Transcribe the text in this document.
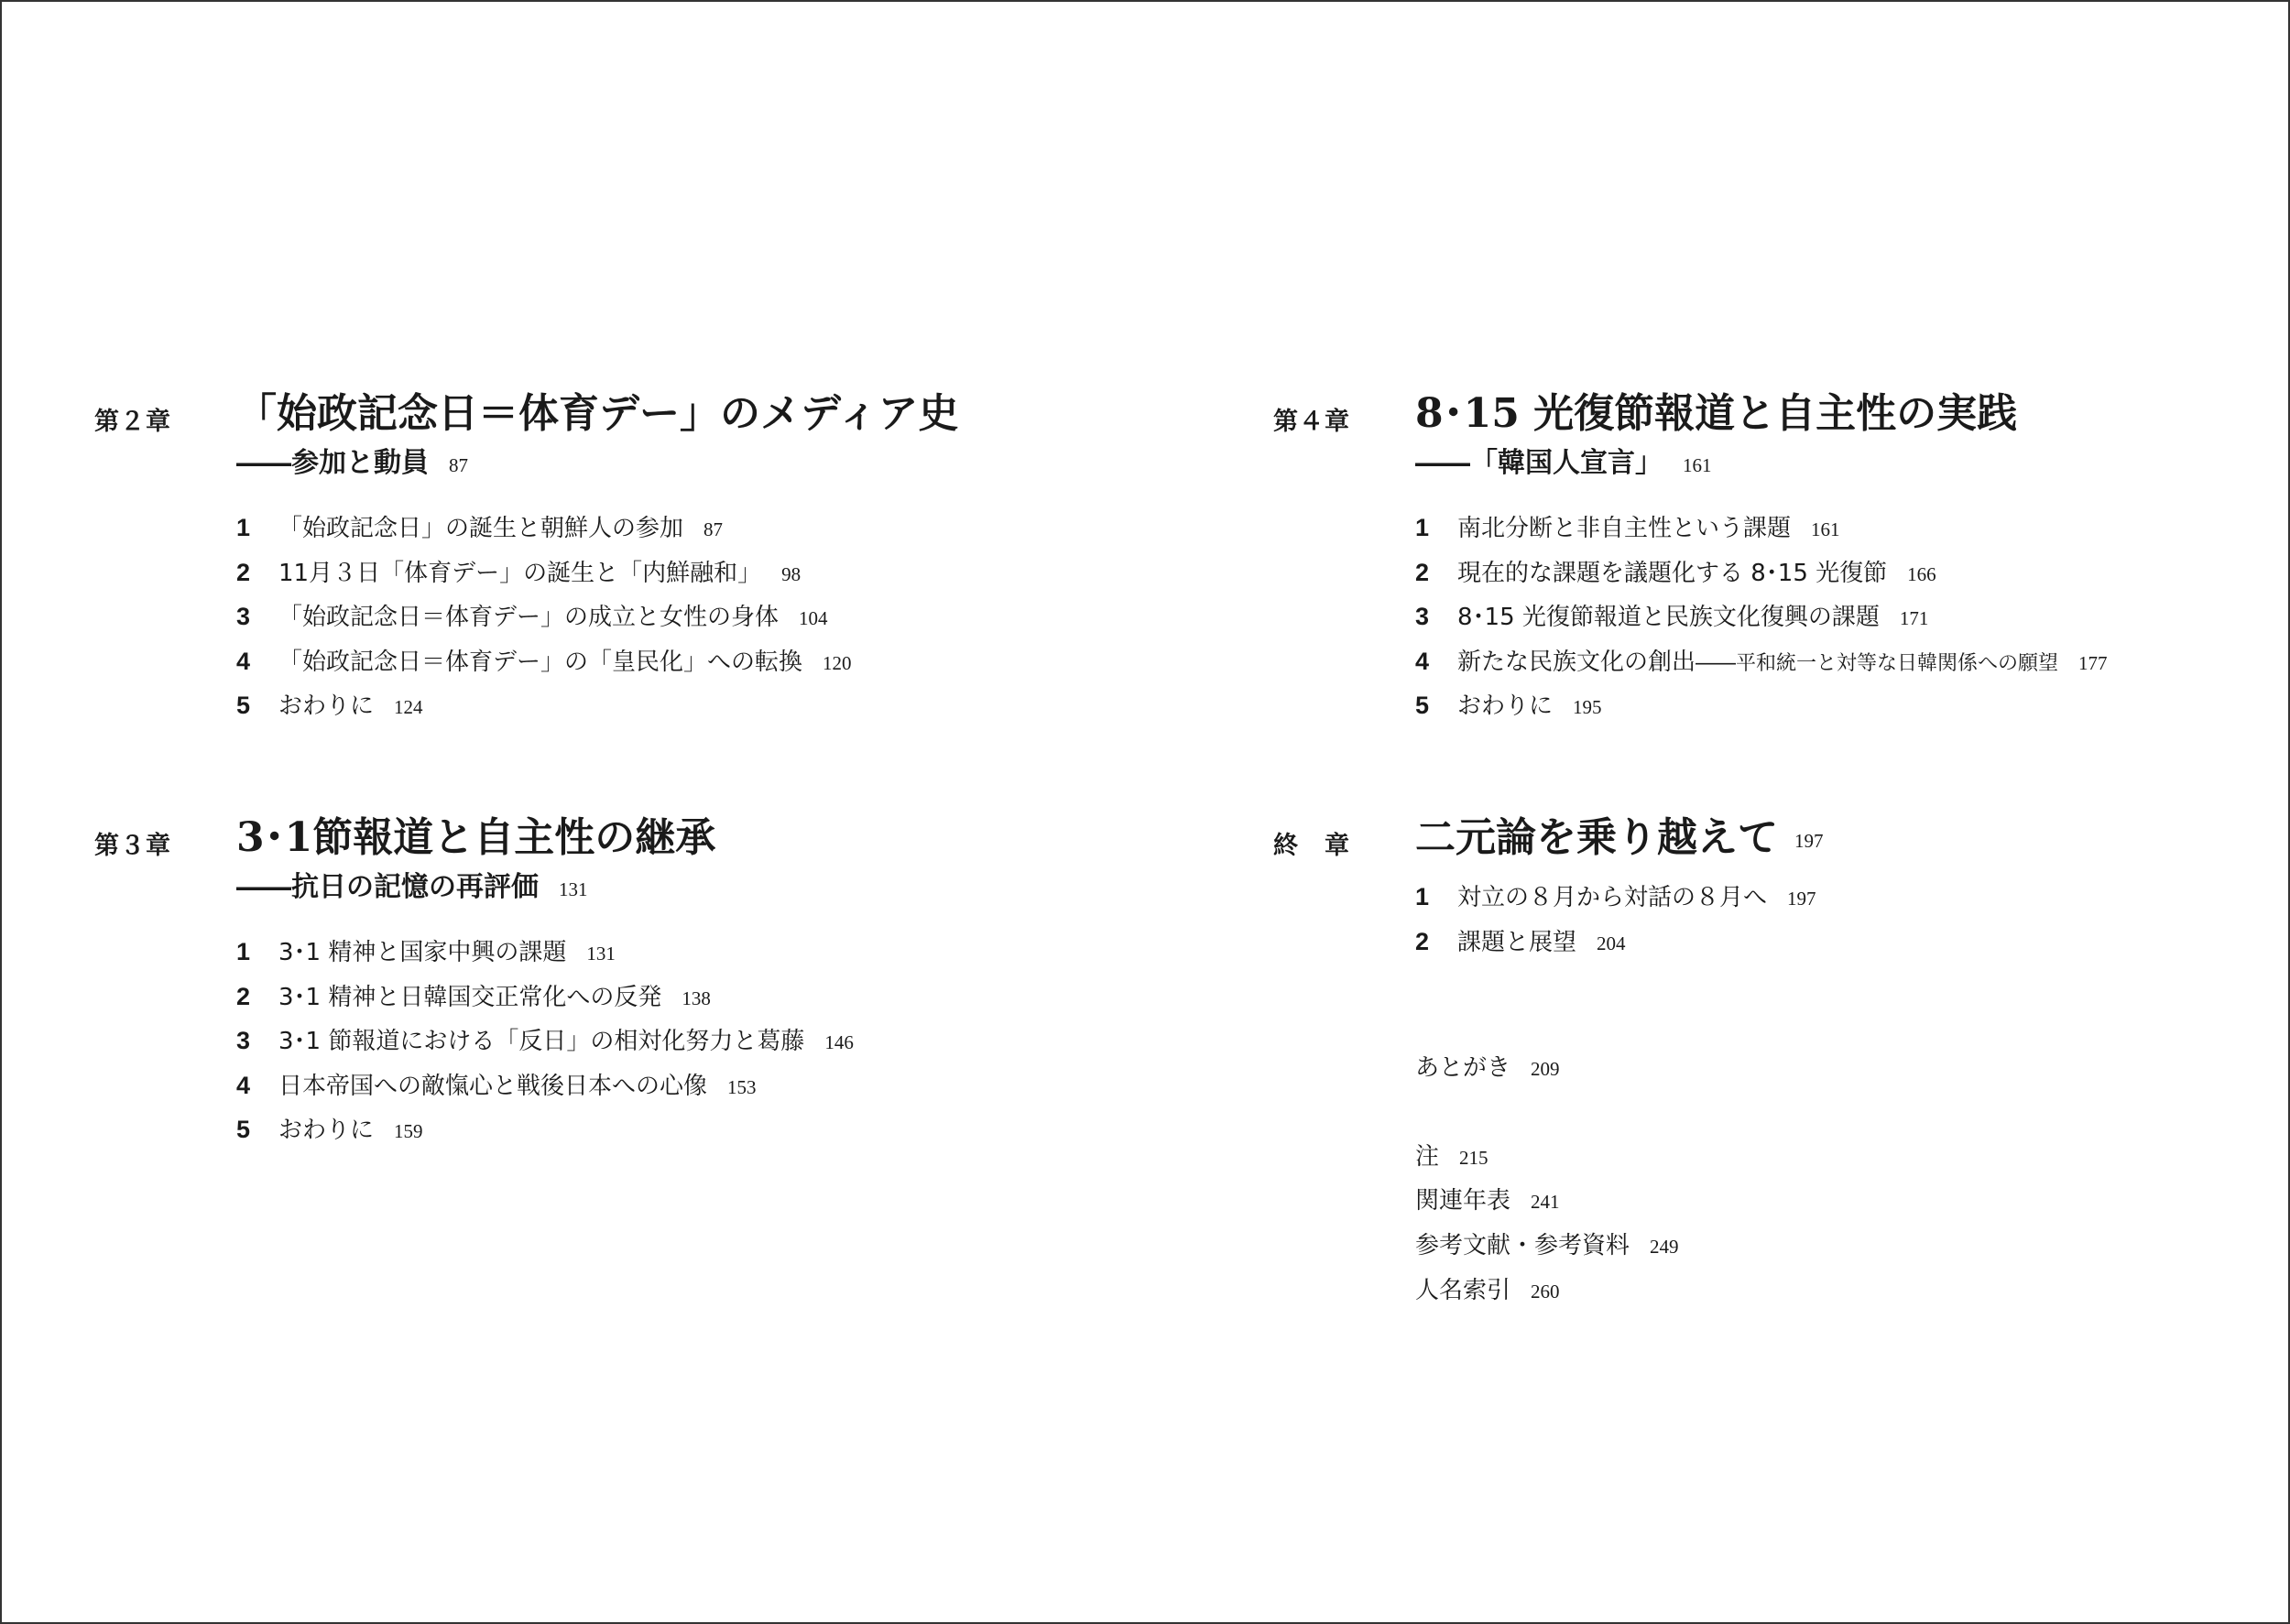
第２章	「始政記念日＝体育デー」のメディア史
――参加と動員 87
1 「始政記念日」の誕生と朝鮮人の参加 87
2 11月３日「体育デー」の誕生と「内鮮融和」 98
3 「始政記念日＝体育デー」の成立と女性の身体 104
4 「始政記念日＝体育デー」の「皇民化」への転換 120
5 おわりに 124
第３章	3･1節報道と自主性の継承
――抗日の記憶の再評価 131
1 3･1 精神と国家中興の課題 131
2 3･1 精神と日韓国交正常化への反発 138
3 3･1 節報道における「反日」の相対化努力と葛藤 146
4 日本帝国への敵愾心と戦後日本への心像 153
5 おわりに 159
第４章	8･15 光復節報道と自主性の実践
――「韓国人宣言」 161
1 南北分断と非自主性という課題 161
2 現在的な課題を議題化する 8･15 光復節 166
3 8･15 光復節報道と民族文化復興の課題 171
4 新たな民族文化の創出――平和統一と対等な日韓関係への願望 177
5 おわりに 195
終　章	二元論を乗り越えて 197
1 対立の８月から対話の８月へ 197
2 課題と展望 204
あとがき 209
注 215
関連年表 241
参考文献・参考資料 249
人名索引 260
